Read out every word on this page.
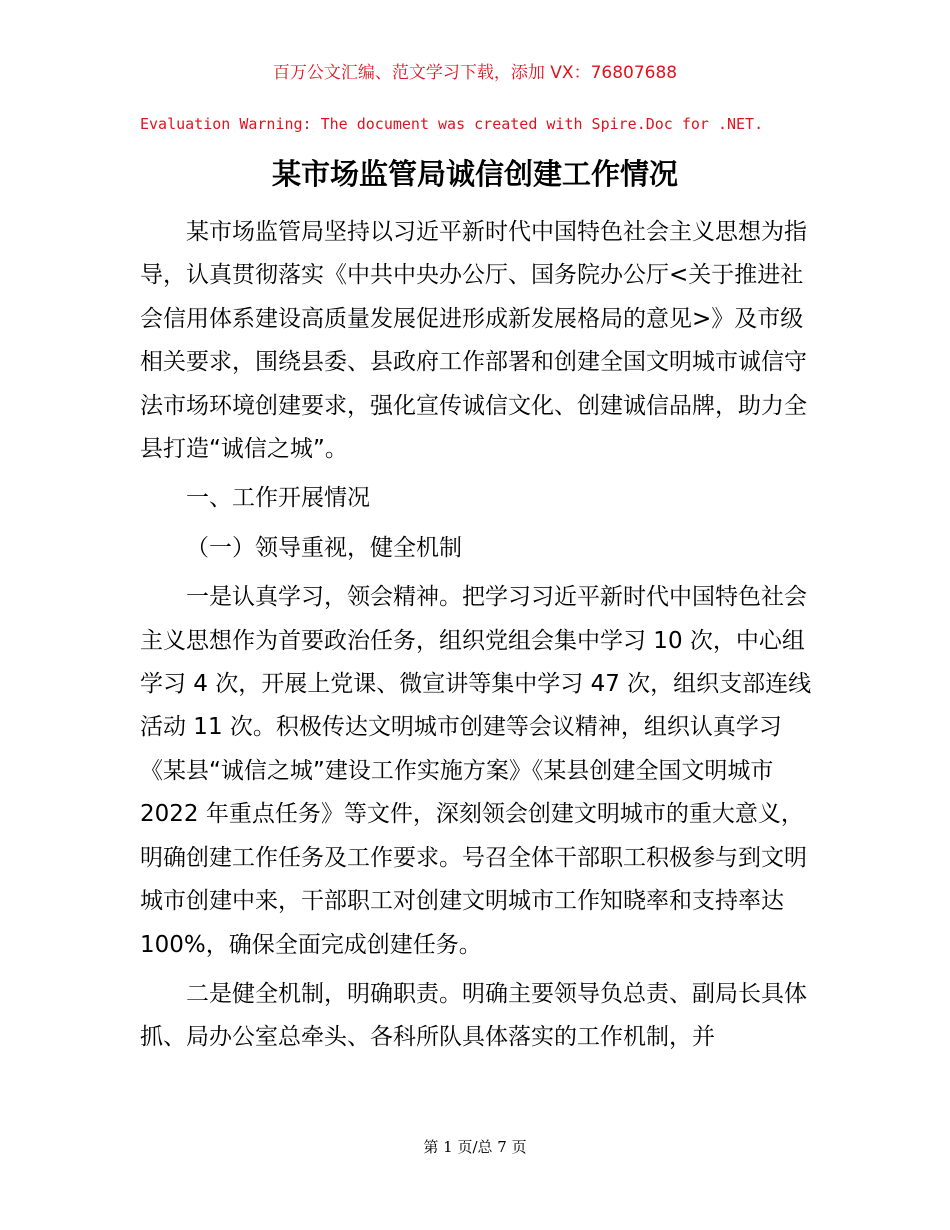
百万公文汇编、范文学习下载，添加 VX：76807688
Evaluation Warning: The document was created with Spire.Doc for .NET.
某市场监管局诚信创建工作情况

某市场监管局坚持以习近平新时代中国特色社会主义思想为指导，认真贯彻落实《中共中央办公厅、国务院办公厅<关于推进社会信用体系建设高质量发展促进形成新发展格局的意见>》及市级相关要求，围绕县委、县政府工作部署和创建全国文明城市诚信守法市场环境创建要求，强化宣传诚信文化、创建诚信品牌，助力全县打造“诚信之城”。

一、工作开展情况

（一）领导重视，健全机制

一是认真学习，领会精神。把学习习近平新时代中国特色社会主义思想作为首要政治任务，组织党组会集中学习 10 次，中心组学习 4 次，开展上党课、微宣讲等集中学习 47 次，组织支部连线活动 11 次。积极传达文明城市创建等会议精神，组织认真学习《某县“诚信之城”建设工作实施方案》《某县创建全国文明城市 2022 年重点任务》等文件，深刻领会创建文明城市的重大意义，明确创建工作任务及工作要求。号召全体干部职工积极参与到文明城市创建中来，干部职工对创建文明城市工作知晓率和支持率达 100%，确保全面完成创建任务。

二是健全机制，明确职责。明确主要领导负总责、副局长具体抓、局办公室总牵头、各科所队具体落实的工作机制，并

第 1 页/总 7 页
